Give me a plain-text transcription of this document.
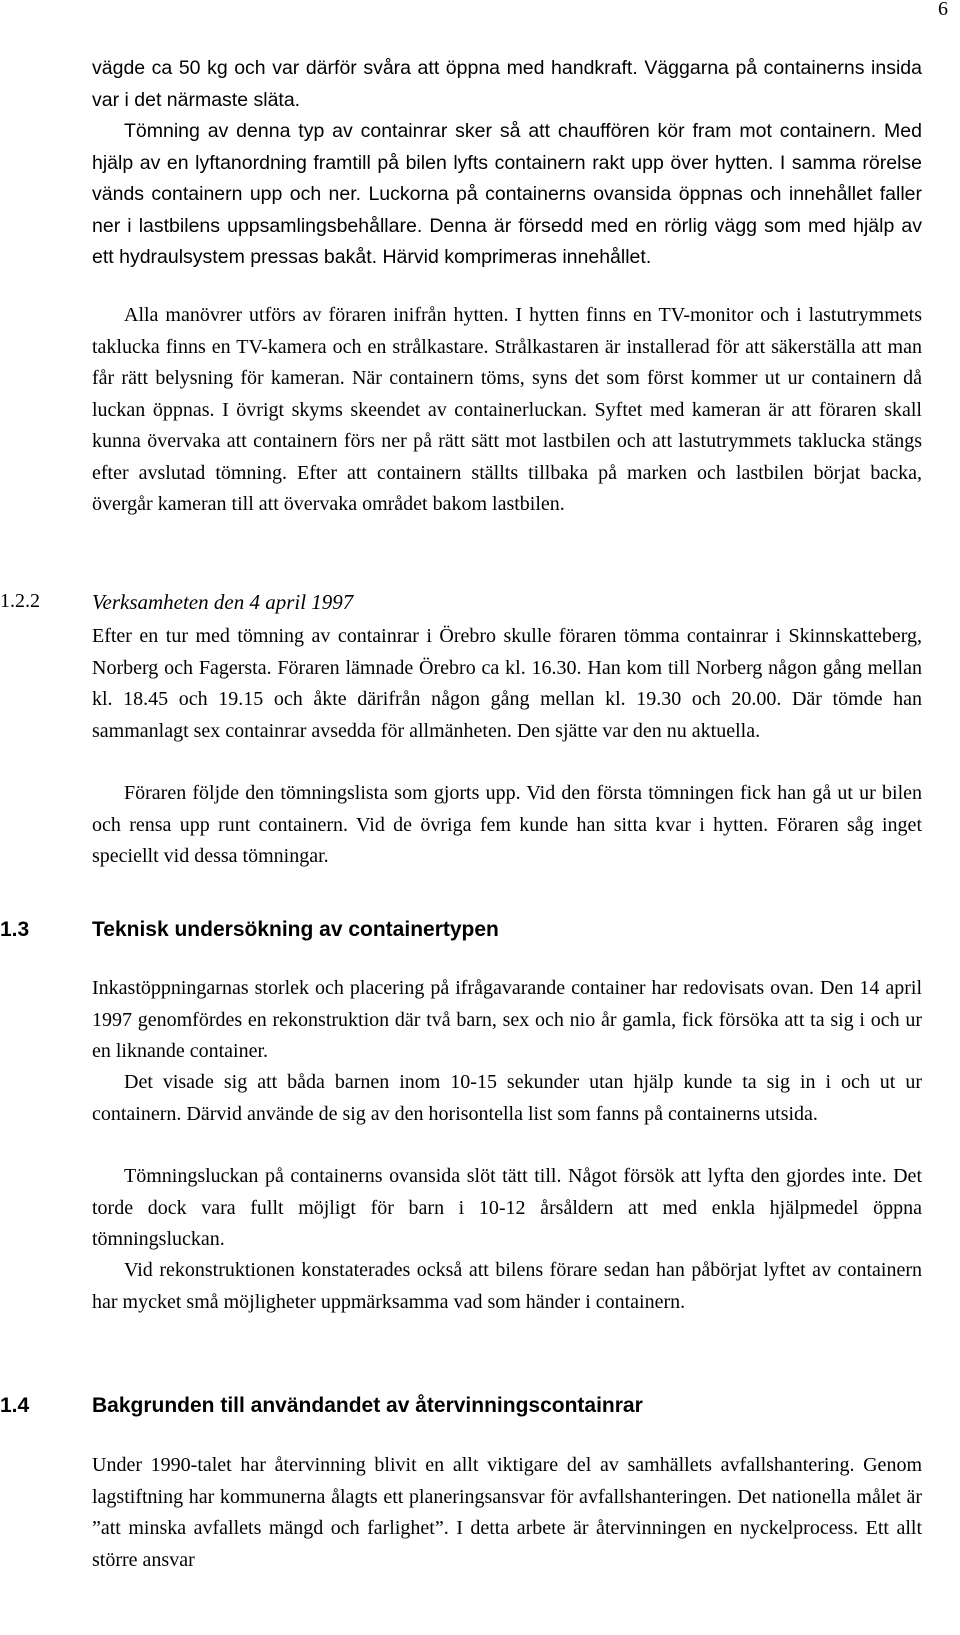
6

vägde ca 50 kg och var därför svåra att öppna med handkraft. Väggarna på containerns insida var i det närmaste släta.

Tömning av denna typ av containrar sker så att chauffören kör fram mot containern. Med hjälp av en lyftanordning framtill på bilen lyfts containern rakt upp över hytten. I samma rörelse vänds containern upp och ner. Luckorna på containerns ovansida öppnas och innehållet faller ner i lastbilens uppsamlingsbehållare. Denna är försedd med en rörlig vägg som med hjälp av ett hydraulsystem pressas bakåt. Härvid komprimeras innehållet.

Alla manövrer utförs av föraren inifrån hytten. I hytten finns en TV-monitor och i lastutrymmets taklucka finns en TV-kamera och en strålkastare. Strålkastaren är installerad för att säkerställa att man får rätt belysning för kameran. När containern töms, syns det som först kommer ut ur containern då luckan öppnas. I övrigt skyms skeendet av containerluckan. Syftet med kameran är att föraren skall kunna övervaka att containern förs ner på rätt sätt mot lastbilen och att lastutrymmets taklucka stängs efter avslutad tömning. Efter att containern ställts tillbaka på marken och lastbilen börjat backa, övergår kameran till att övervaka området bakom lastbilen.

1.2.2 Verksamheten den 4 april 1997

Efter en tur med tömning av containrar i Örebro skulle föraren tömma containrar i Skinnskatteberg, Norberg och Fagersta. Föraren lämnade Örebro ca kl. 16.30. Han kom till Norberg någon gång mellan kl. 18.45 och 19.15 och åkte därifrån någon gång mellan kl. 19.30 och 20.00. Där tömde han sammanlagt sex containrar avsedda för allmänheten. Den sjätte var den nu aktuella.

Föraren följde den tömningslista som gjorts upp. Vid den första tömningen fick han gå ut ur bilen och rensa upp runt containern. Vid de övriga fem kunde han sitta kvar i hytten. Föraren såg inget speciellt vid dessa tömningar.

1.3	Teknisk undersökning av containertypen

Inkastöppningarnas storlek och placering på ifrågavarande container har redovisats ovan. Den 14 april 1997 genomfördes en rekonstruktion där två barn, sex och nio år gamla, fick försöka att ta sig i och ur en liknande container.

Det visade sig att båda barnen inom 10-15 sekunder utan hjälp kunde ta sig in i och ut ur containern. Därvid använde de sig av den horisontella list som fanns på containerns utsida.

Tömningsluckan på containerns ovansida slöt tätt till. Något försök att lyfta den gjordes inte. Det torde dock vara fullt möjligt för barn i 10-12 årsåldern att med enkla hjälpmedel öppna tömningsluckan.

Vid rekonstruktionen konstaterades också att bilens förare sedan han påbörjat lyftet av containern har mycket små möjligheter uppmärksamma vad som händer i containern.

1.4	Bakgrunden till användandet av återvinningscontainrar

Under 1990-talet har återvinning blivit en allt viktigare del av samhällets avfallshantering. Genom lagstiftning har kommunerna ålagts ett planeringsansvar för avfallshanteringen. Det nationella målet är ”att minska avfallets mängd och farlighet”. I detta arbete är återvinningen en nyckelprocess. Ett allt större ansvar
